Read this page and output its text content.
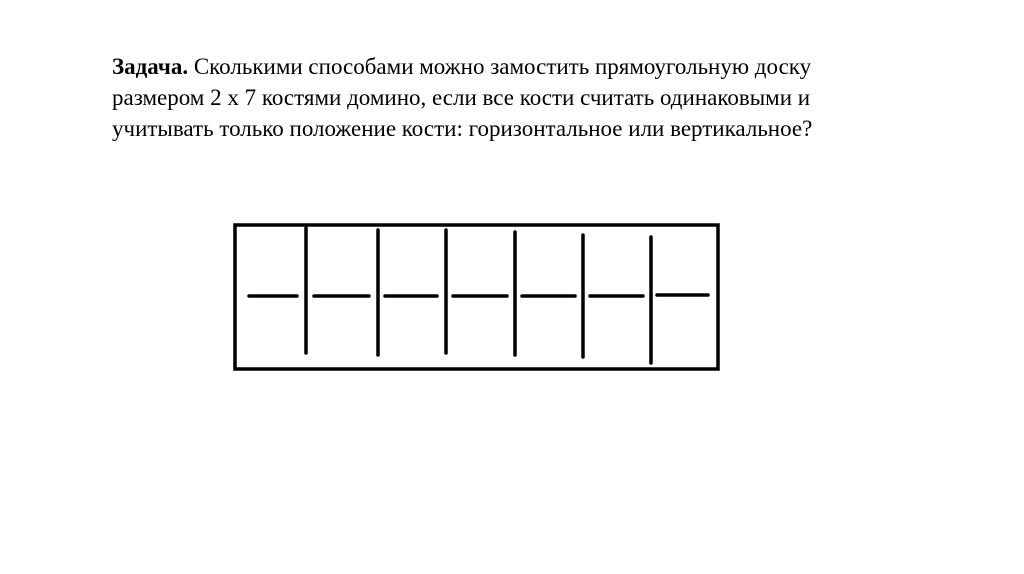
Задача. Сколькими способами можно замостить прямоугольную доску
размером 2 х 7 костями домино, если все кости считать одинаковыми и
учитывать только положение кости: горизонтальное или вертикальное?
